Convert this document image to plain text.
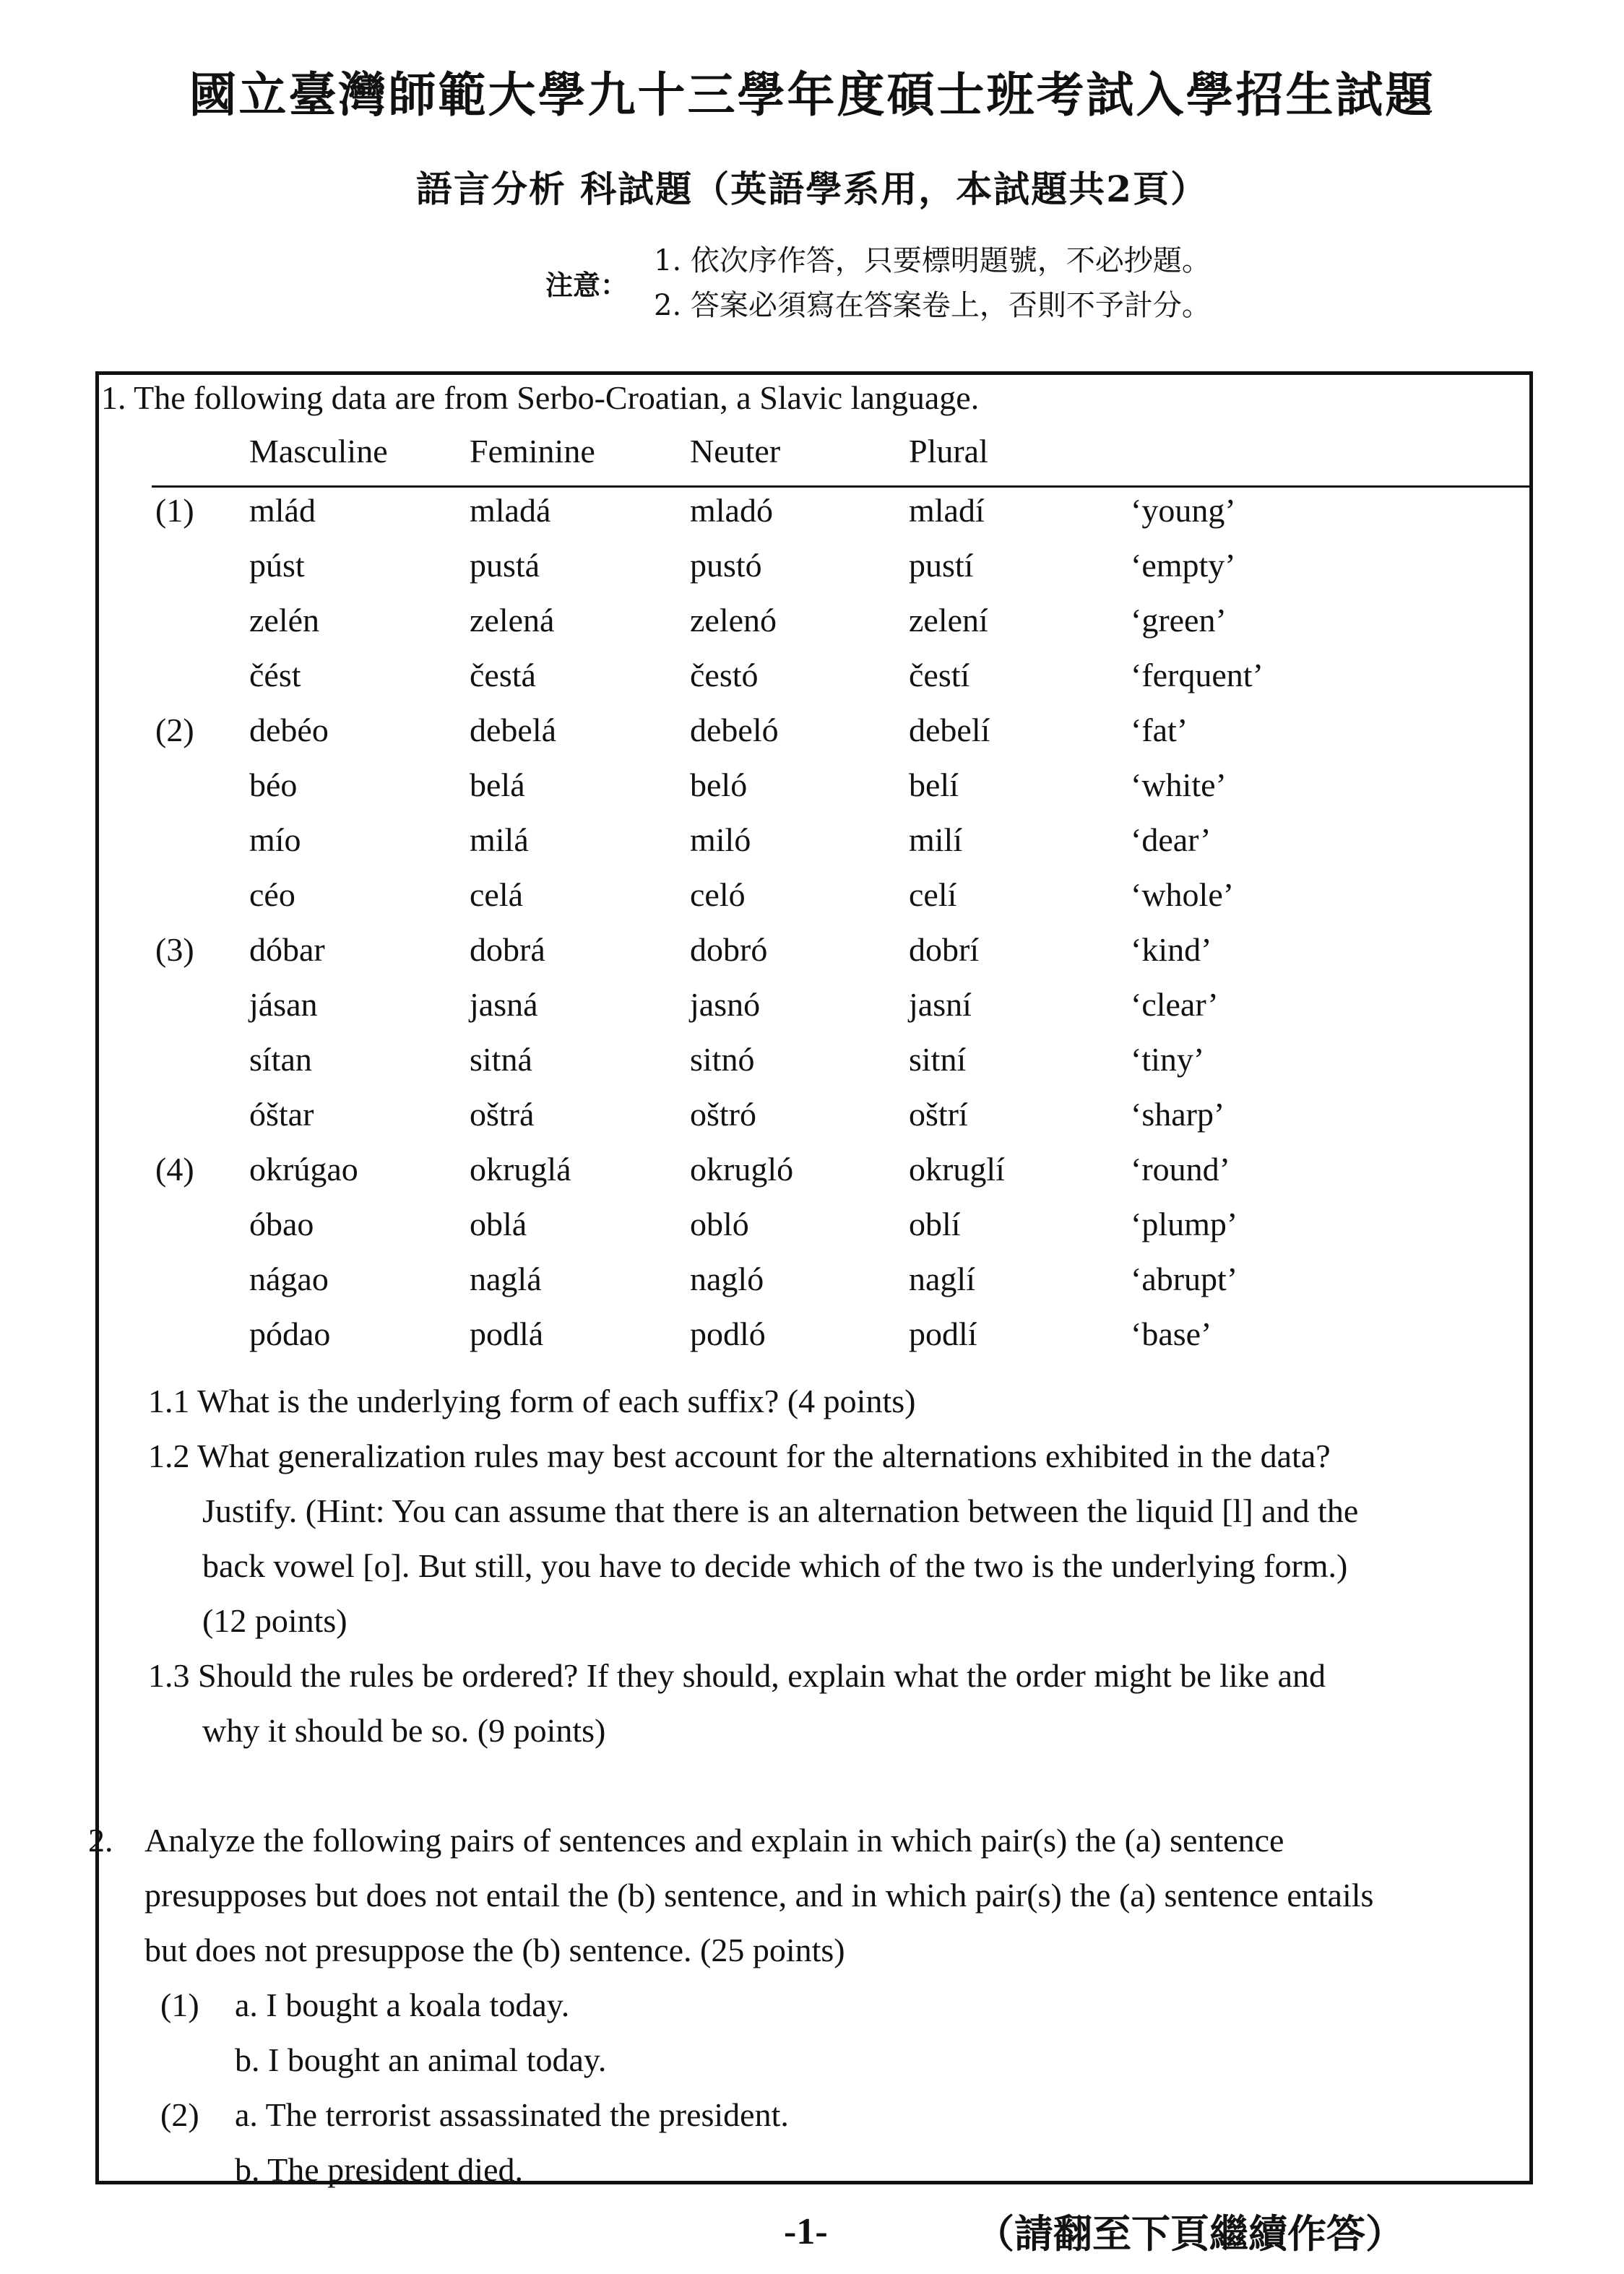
國立臺灣師範大學九十三學年度碩士班考試入學招生試題
語言分析 科試題（英語學系用，本試題共2頁）
注意：
1. 依次序作答，只要標明題號，不必抄題。
2. 答案必須寫在答案卷上，否則不予計分。
1. The following data are from Serbo-Croatian, a Slavic language.
Masculine Feminine	Neuter	Plural
(1) mlád	mladá	mladó	mladí	‘young’
púst	pustá	pustó	pustí	‘empty’
zelén	zelená	zelenó	zelení	‘green’
čést	čestá	čestó	čestí	‘ferquent’
(2) debéo	debelá	debeló	debelí	‘fat’
béo	belá	beló	belí	‘white’
mío	milá	miló	milí	‘dear’
céo	celá	celó	celí	‘whole’
(3) dóbar	dobrá	dobró	dobrí	‘kind’
jásan	jasná	jasnó	jasní	‘clear’
sítan	sitná	sitnó	sitní	‘tiny’
óštar	oštrá	oštró	oštrí	‘sharp’
(4) okrúgao	okruglá	okrugló	okruglí	‘round’
óbao	oblá	obló	oblí	‘plump’
nágao	naglá	nagló	naglí	‘abrupt’
pódao	podlá	podló	podlí	‘base’
1.1 What is the underlying form of each suffix? (4 points)
1.2 What generalization rules may best account for the alternations exhibited in the data?
Justify. (Hint: You can assume that there is an alternation between the liquid [l] and the
back vowel [o]. But still, you have to decide which of the two is the underlying form.)
(12 points)
1.3 Should the rules be ordered? If they should, explain what the order might be like and
why it should be so. (9 points)
2. Analyze the following pairs of sentences and explain in which pair(s) the (a) sentence
presupposes but does not entail the (b) sentence, and in which pair(s) the (a) sentence entails
but does not presuppose the (b) sentence. (25 points)
(1) a. I bought a koala today.
b. I bought an animal today.
(2) a. The terrorist assassinated the president.
b. The president died.
-1-	（請翻至下頁繼續作答）
